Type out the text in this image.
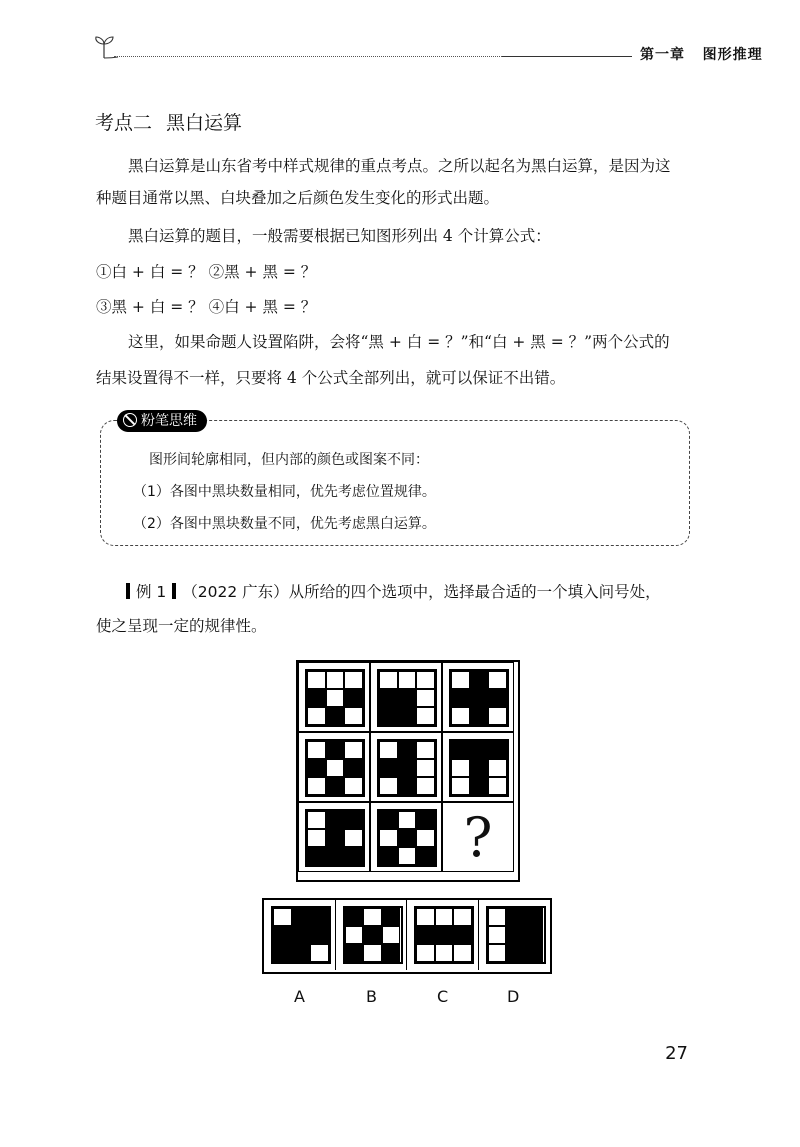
第一章 图形推理
考点二 黑白运算

黑白运算是山东省考中样式规律的重点考点。之所以起名为黑白运算，是因为这

种题目通常以黑、白块叠加之后颜色发生变化的形式出题。

黑白运算的题目，一般需要根据已知图形列出 4 个计算公式：

①白 + 白 = ？ ②黑 + 黑 = ？

③黑 + 白 = ？ ④白 + 黑 = ？

这里，如果命题人设置陷阱，会将“黑 + 白 = ？”和“白 + 黑 = ？”两个公式的

结果设置得不一样，只要将 4 个公式全部列出，就可以保证不出错。

粉笔思维
图形间轮廓相同，但内部的颜色或图案不同：
（1）各图中黑块数量相同，优先考虑位置规律。
（2）各图中黑块数量不同，优先考虑黑白运算。
例 1 （2022 广东）从所给的四个选项中，选择最合适的一个填入问号处，
使之呈现一定的规律性。
?
A	B	C	D
27
